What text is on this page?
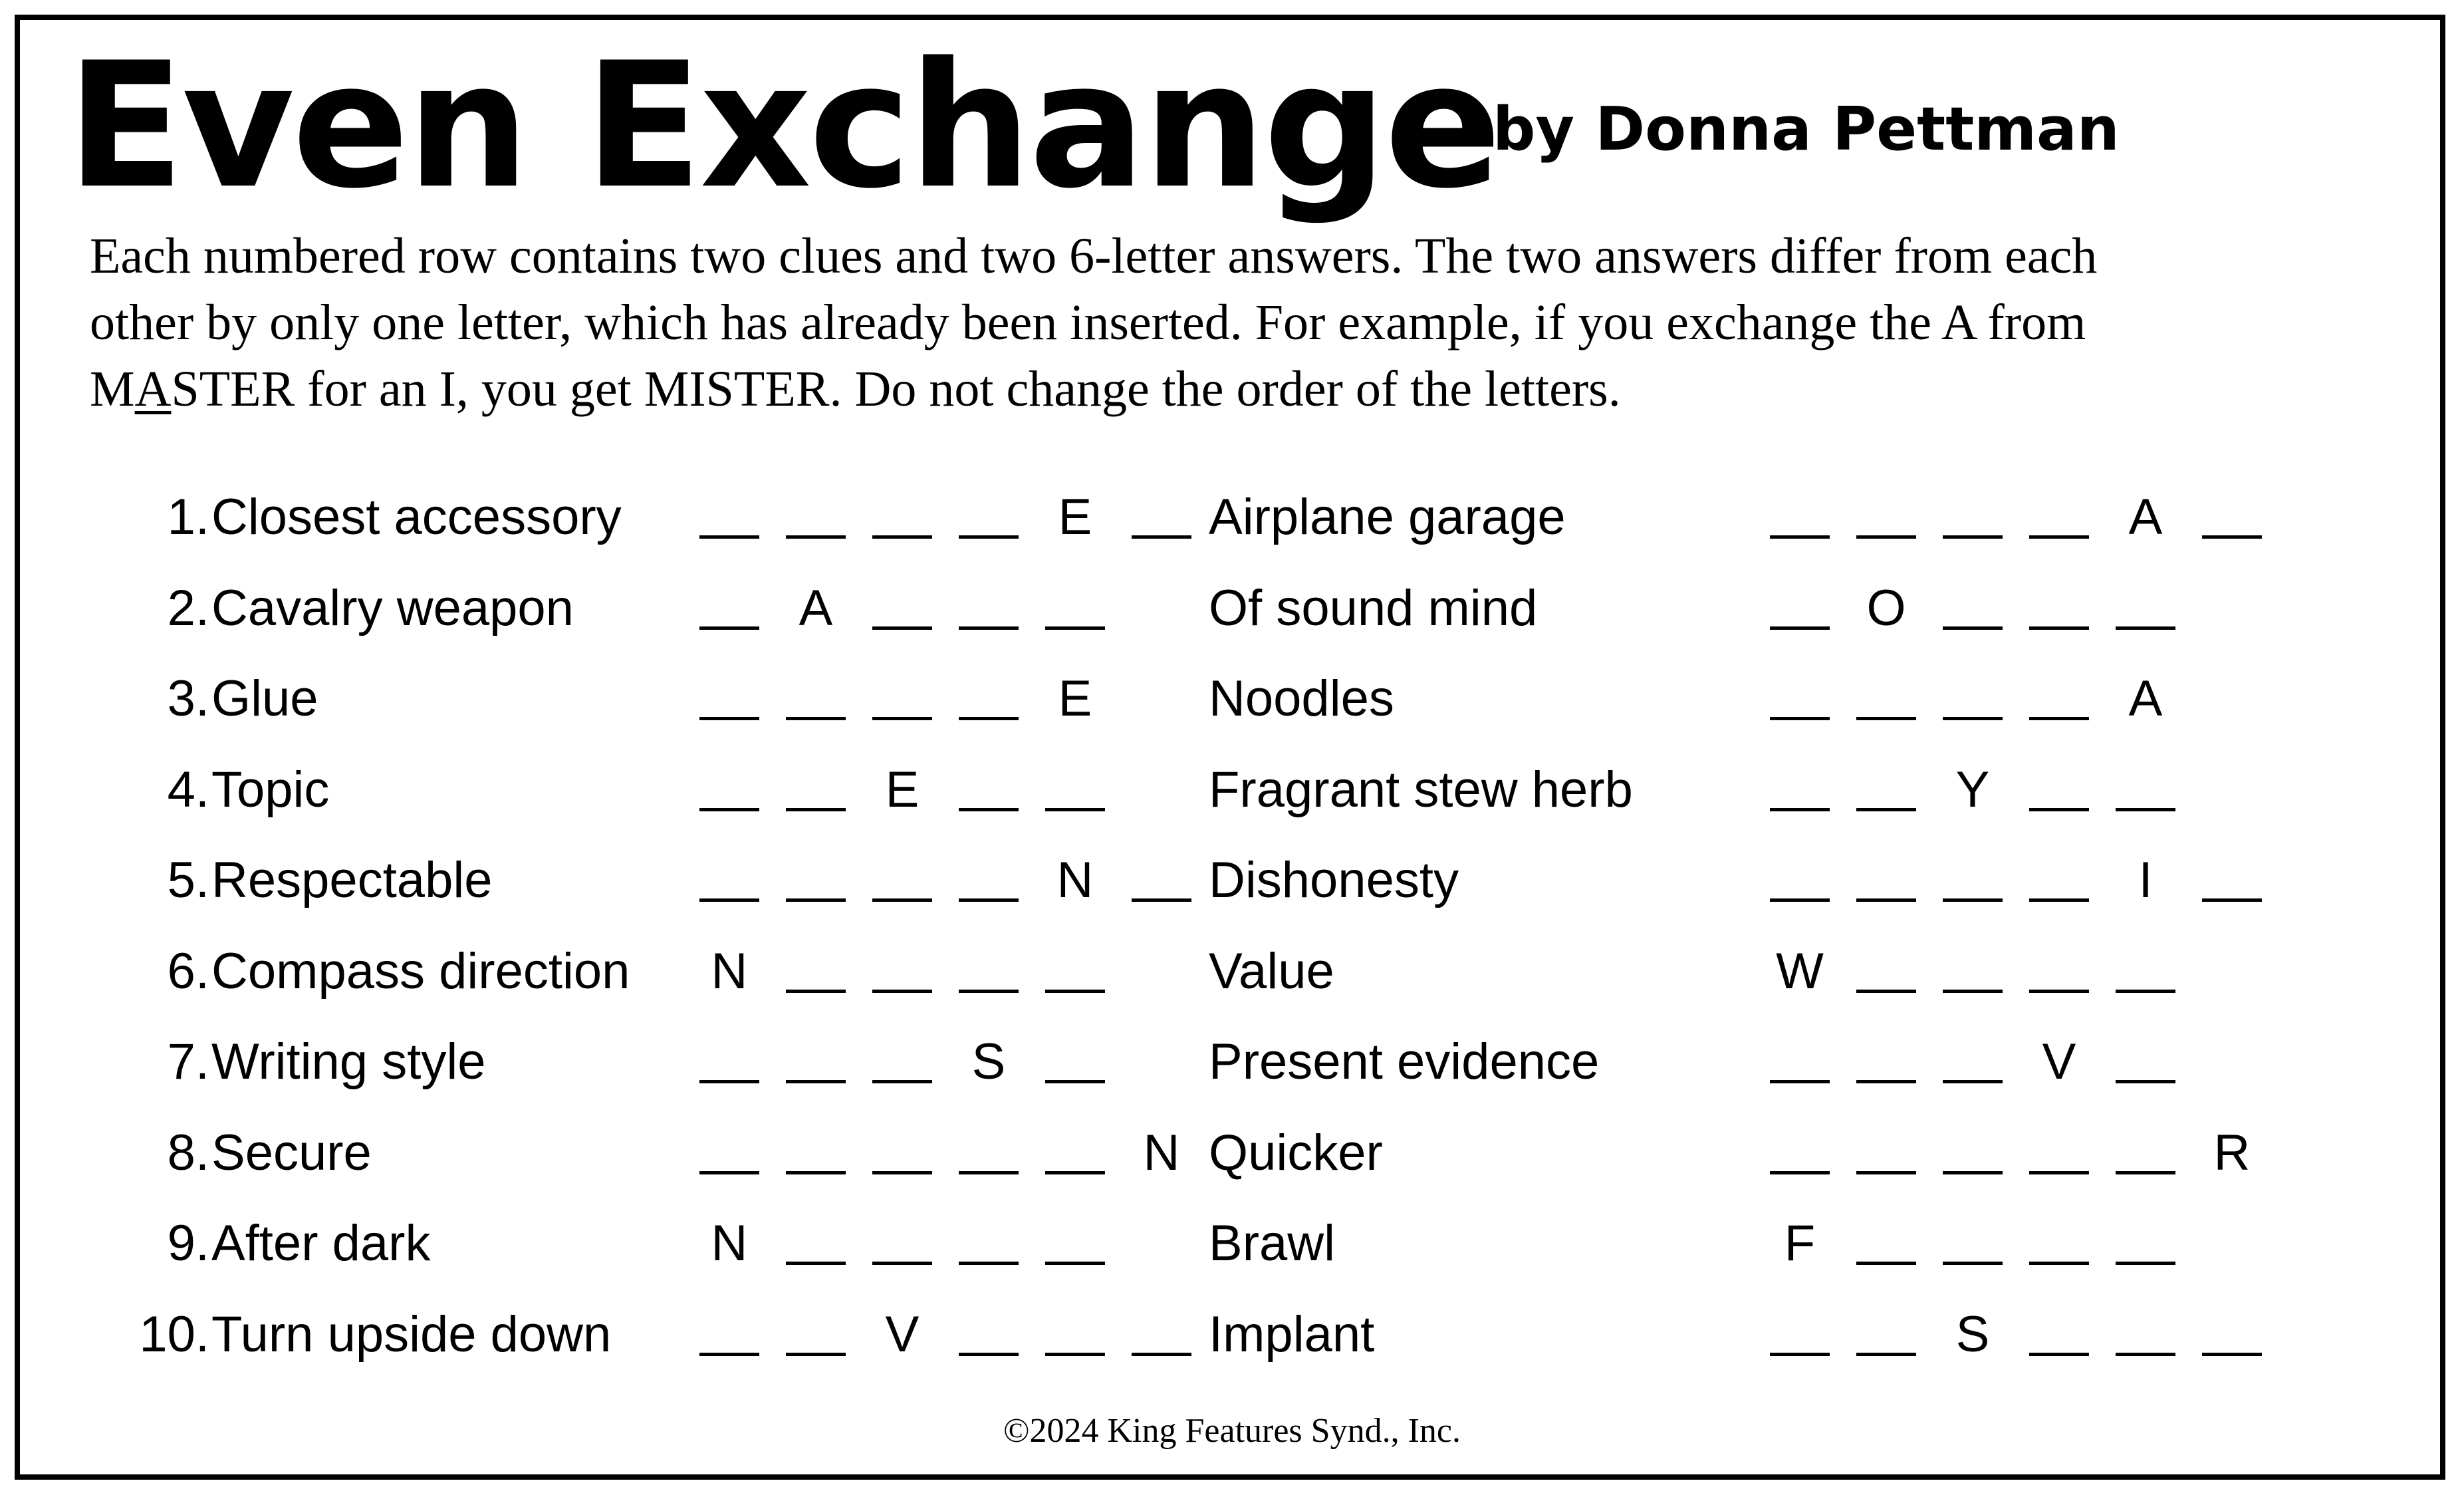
Even Exchange
by Donna Pettman

Each numbered row contains two clues and two 6-letter answers. The two answers differ from each

other by only one letter, which has already been inserted. For example, if you exchange the A from

MASTER for an I, you get MISTER. Do not change the order of the letters.

1. Closest accessory	E Airplane garage	A
2. Cavalry weapon	A	Of sound mind	O
3. Glue	E Noodles	A
4. Topic	E	Fragrant stew herb	Y
5. Respectable	N Dishonesty	I
6. Compass direction N	Value	W
7. Writing style	S	Present evidence	V
8. Secure	N Quicker	R
9. After dark	N	Brawl	F
10. Turn upside down	V	Implant	S
©2024 King Features Synd., Inc.
